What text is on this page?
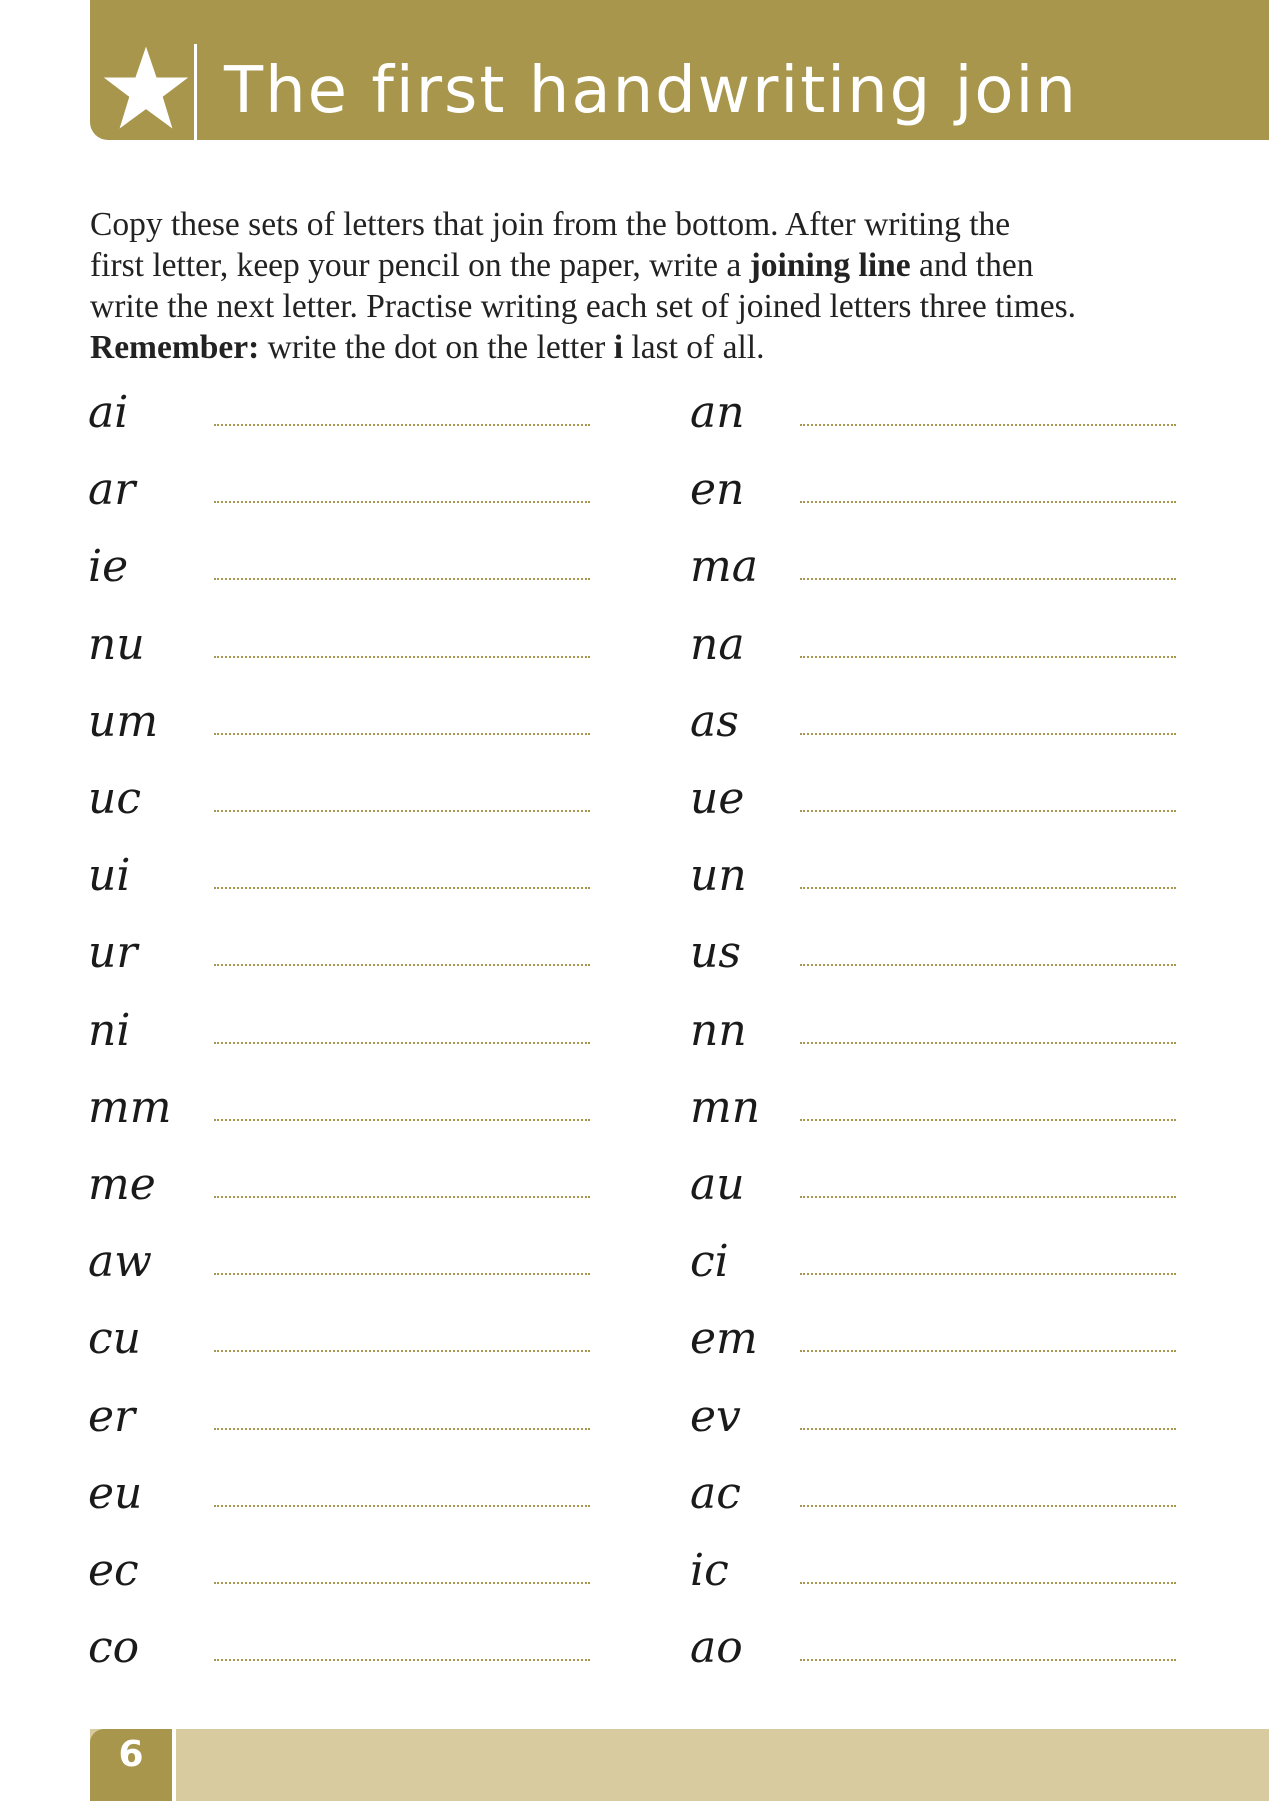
The first handwriting join

Copy these sets of letters that join from the bottom. After writing the

first letter, keep your pencil on the paper, write a joining line and then

write the next letter. Practise writing each set of joined letters three times.

Remember: write the dot on the letter i last of all.

ai
ar
ie
nu
um
uc
ui
ur
ni
mm
me
aw
cu
er
eu
ec
co
an
en
ma
na
as
ue
un
us
nn
mn
au
ci
em
ev
ac
ic
ao
6
